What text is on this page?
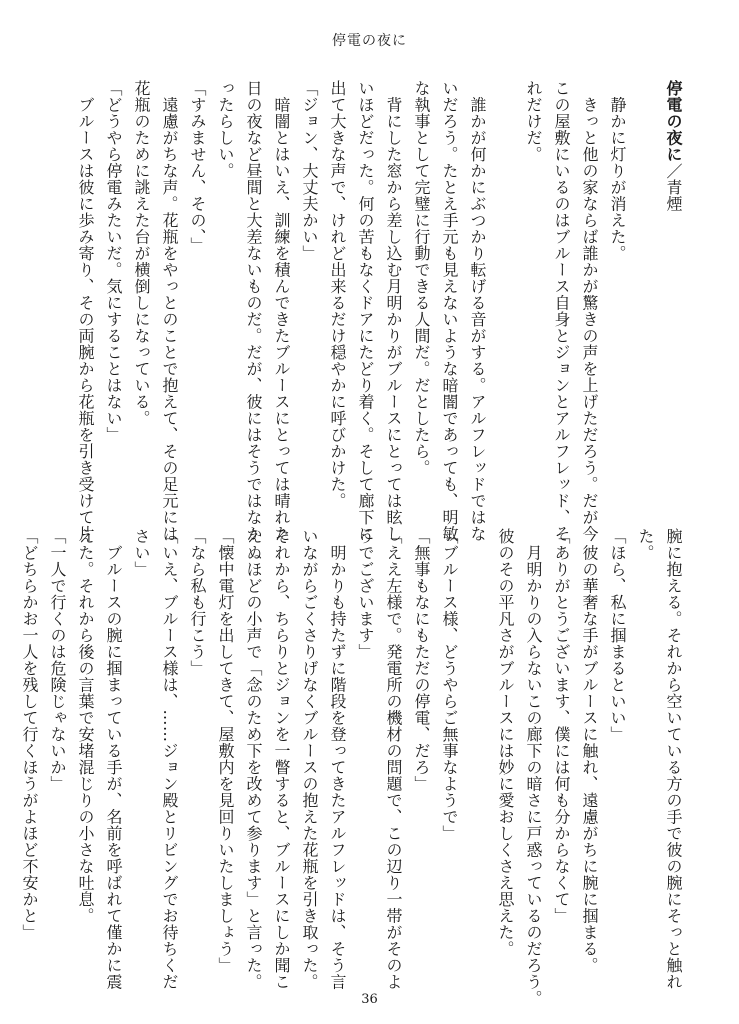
停電の夜に

停電の夜に／青煙

　静かに灯りが消えた。

　きっと他の家ならば誰かが驚きの声を上げただろう。だが今

この屋敷にいるのはブルース自身とジョンとアルフレッド、そ

れだけだ。

　誰かが何かにぶつかり転げる音がする。アルフレッドではな

いだろう。たとえ手元も見えないような暗闇であっても、明敏

な執事として完璧に行動できる人間だ。だとしたら。

　背にした窓から差し込む月明かりがブルースにとっては眩し

いほどだった。何の苦もなくドアにたどり着く。そして廊下に

出て大きな声で、けれど出来るだけ穏やかに呼びかけた。

「ジョン、大丈夫かい」

　暗闇とはいえ、訓練を積んできたブルースにとっては晴れた

日の夜など昼間と大差ないものだ。だが、彼にはそうではなか

ったらしい。

「すみません、その、」

　遠慮がちな声。花瓶をやっとのことで抱えて、その足元には

花瓶のために誂えた台が横倒しになっている。

「どうやら停電みたいだ。気にすることはない」

　ブルースは彼に歩み寄り、その両腕から花瓶を引き受けて片

腕に抱える。それから空いている方の手で彼の腕にそっと触れ

た。

「ほら、私に掴まるといい」

　彼の華奢な手がブルースに触れ、遠慮がちに腕に掴まる。

「ありがとうございます、僕には何も分からなくて」

　月明かりの入らないこの廊下の暗さに戸惑っているのだろう。

彼のその平凡さがブルースには妙に愛おしくさえ思えた。

「ブルース様、どうやらご無事なようで」

「無事もなにもただの停電、だろ」

「ええ左様で。発電所の機材の問題で、この辺り一帯がそのよ

うでございます」

　明かりも持たずに階段を登ってきたアルフレッドは、そう言

いながらごくさりげなくブルースの抱えた花瓶を引き取った。

それから、ちらりとジョンを一瞥すると、ブルースにしか聞こ

えぬほどの小声で「念のため下を改めて参ります」と言った。

「懐中電灯を出してきて、屋敷内を見回りいたしましょう」

「なら私も行こう」

「いえ、ブルース様は、……ジョン殿とリビングでお待ちくだ

さい」

　ブルースの腕に掴まっている手が、名前を呼ばれて僅かに震

えた。それから後の言葉で安堵混じりの小さな吐息。

「一人で行くのは危険じゃないか」

「どちらかお一人を残して行くほうがよほど不安かと」

36
